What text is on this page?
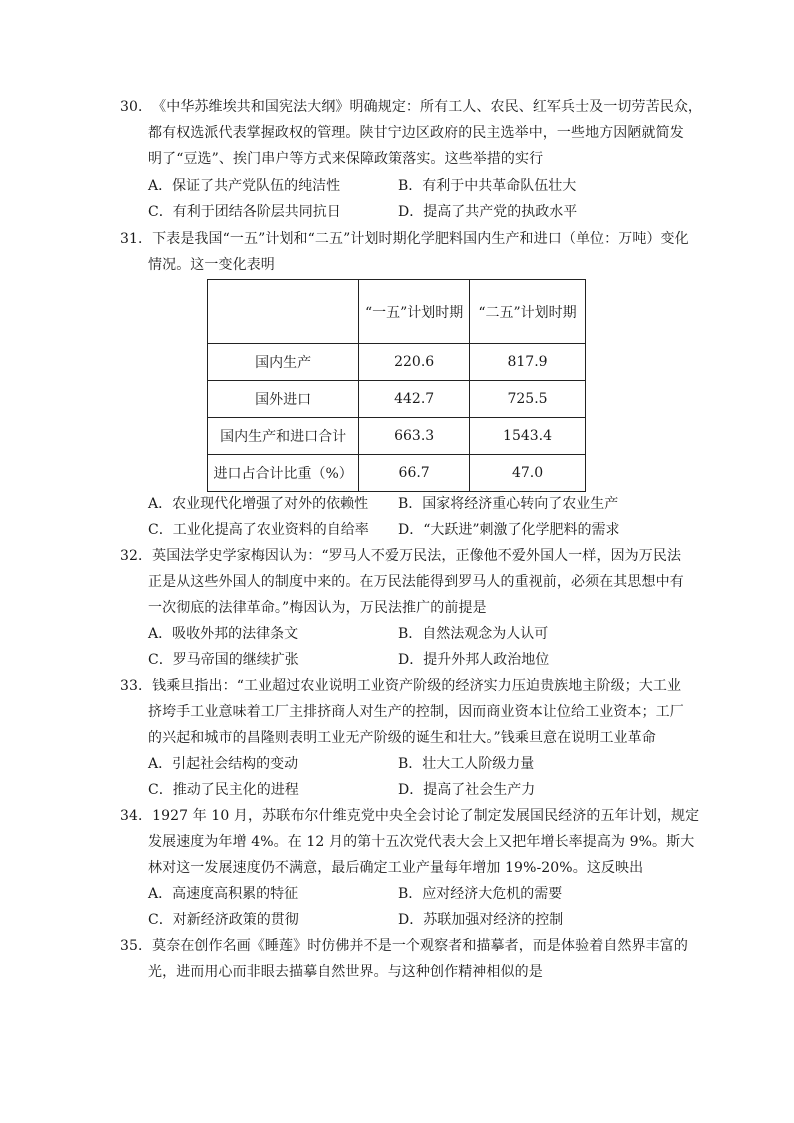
30．《中华苏维埃共和国宪法大纲》明确规定：所有工人、农民、红军兵士及一切劳苦民众，
都有权选派代表掌握政权的管理。陕甘宁边区政府的民主选举中，一些地方因陋就简发
明了“豆选”、挨门串户等方式来保障政策落实。这些举措的实行
A．保证了共产党队伍的纯洁性	B．有利于中共革命队伍壮大
C．有利于团结各阶层共同抗日	D．提高了共产党的执政水平
31．下表是我国“一五”计划和“二五”计划时期化学肥料国内生产和进口（单位：万吨）变化
情况。这一变化表明
	“一五”计划时期	“二五”计划时期
国内生产	220.6	817.9
国外进口	442.7	725.5
国内生产和进口合计	663.3	1543.4
进口占合计比重（%）	66.7	47.0
A．农业现代化增强了对外的依赖性 B．国家将经济重心转向了农业生产
C．工业化提高了农业资料的自给率 D．“大跃进”刺激了化学肥料的需求
32．英国法学史学家梅因认为：“罗马人不爱万民法，正像他不爱外国人一样，因为万民法
正是从这些外国人的制度中来的。在万民法能得到罗马人的重视前，必须在其思想中有
一次彻底的法律革命。”梅因认为，万民法推广的前提是
A．吸收外邦的法律条文	B．自然法观念为人认可
C．罗马帝国的继续扩张	D．提升外邦人政治地位
33．钱乘旦指出：“工业超过农业说明工业资产阶级的经济实力压迫贵族地主阶级；大工业
挤垮手工业意味着工厂主排挤商人对生产的控制，因而商业资本让位给工业资本；工厂
的兴起和城市的昌隆则表明工业无产阶级的诞生和壮大。”钱乘旦意在说明工业革命
A．引起社会结构的变动	B．壮大工人阶级力量
C．推动了民主化的进程	D．提高了社会生产力
34．1927 年 10 月，苏联布尔什维克党中央全会讨论了制定发展国民经济的五年计划，规定
发展速度为年增 4%。在 12 月的第十五次党代表大会上又把年增长率提高为 9%。斯大
林对这一发展速度仍不满意，最后确定工业产量每年增加 19%-20%。这反映出
A．高速度高积累的特征	B．应对经济大危机的需要
C．对新经济政策的贯彻	D．苏联加强对经济的控制
35．莫奈在创作名画《睡莲》时仿佛并不是一个观察者和描摹者，而是体验着自然界丰富的
光，进而用心而非眼去描摹自然世界。与这种创作精神相似的是
